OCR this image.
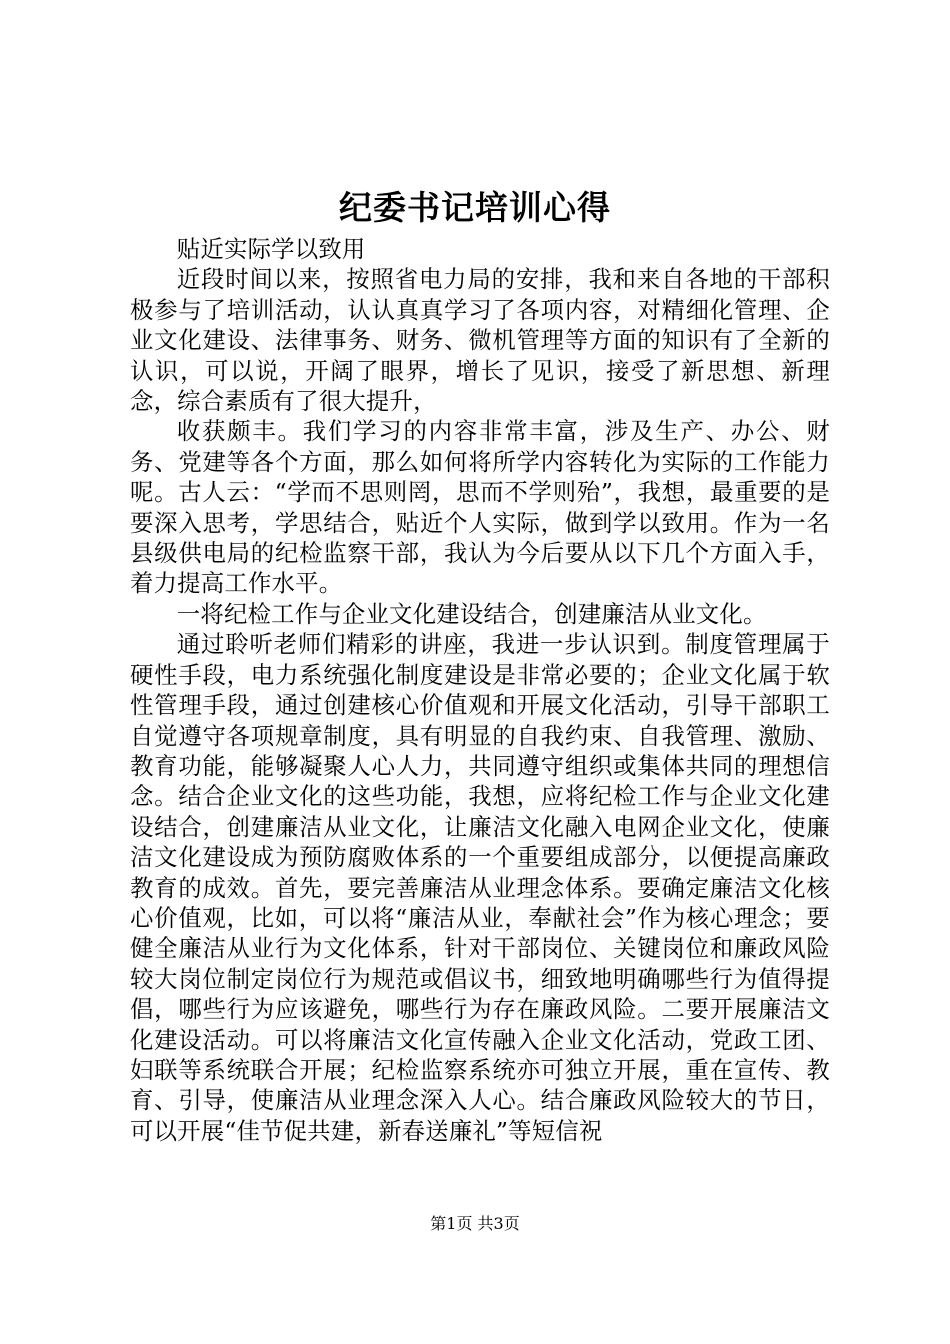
纪委书记培训心得

贴近实际学以致用

近段时间以来，按照省电力局的安排，我和来自各地的干部积极参与了培训活动，认认真真学习了各项内容，对精细化管理、企业文化建设、法律事务、财务、微机管理等方面的知识有了全新的认识，可以说，开阔了眼界，增长了见识，接受了新思想、新理念，综合素质有了很大提升，

收获颇丰。我们学习的内容非常丰富，涉及生产、办公、财务、党建等各个方面，那么如何将所学内容转化为实际的工作能力呢。古人云：“学而不思则罔，思而不学则殆”，我想，最重要的是要深入思考，学思结合，贴近个人实际，做到学以致用。作为一名县级供电局的纪检监察干部，我认为今后要从以下几个方面入手，着力提高工作水平。

一将纪检工作与企业文化建设结合，创建廉洁从业文化。

通过聆听老师们精彩的讲座，我进一步认识到。制度管理属于硬性手段，电力系统强化制度建设是非常必要的；企业文化属于软性管理手段，通过创建核心价值观和开展文化活动，引导干部职工自觉遵守各项规章制度，具有明显的自我约束、自我管理、激励、教育功能，能够凝聚人心人力，共同遵守组织或集体共同的理想信念。结合企业文化的这些功能，我想，应将纪检工作与企业文化建设结合，创建廉洁从业文化，让廉洁文化融入电网企业文化，使廉洁文化建设成为预防腐败体系的一个重要组成部分，以便提高廉政教育的成效。首先，要完善廉洁从业理念体系。要确定廉洁文化核心价值观，比如，可以将“廉洁从业，奉献社会”作为核心理念；要健全廉洁从业行为文化体系，针对干部岗位、关键岗位和廉政风险较大岗位制定岗位行为规范或倡议书，细致地明确哪些行为值得提倡，哪些行为应该避免，哪些行为存在廉政风险。二要开展廉洁文化建设活动。可以将廉洁文化宣传融入企业文化活动，党政工团、妇联等系统联合开展；纪检监察系统亦可独立开展，重在宣传、教育、引导，使廉洁从业理念深入人心。结合廉政风险较大的节日，可以开展“佳节促共建，新春送廉礼”等短信祝

第1页 共3页
